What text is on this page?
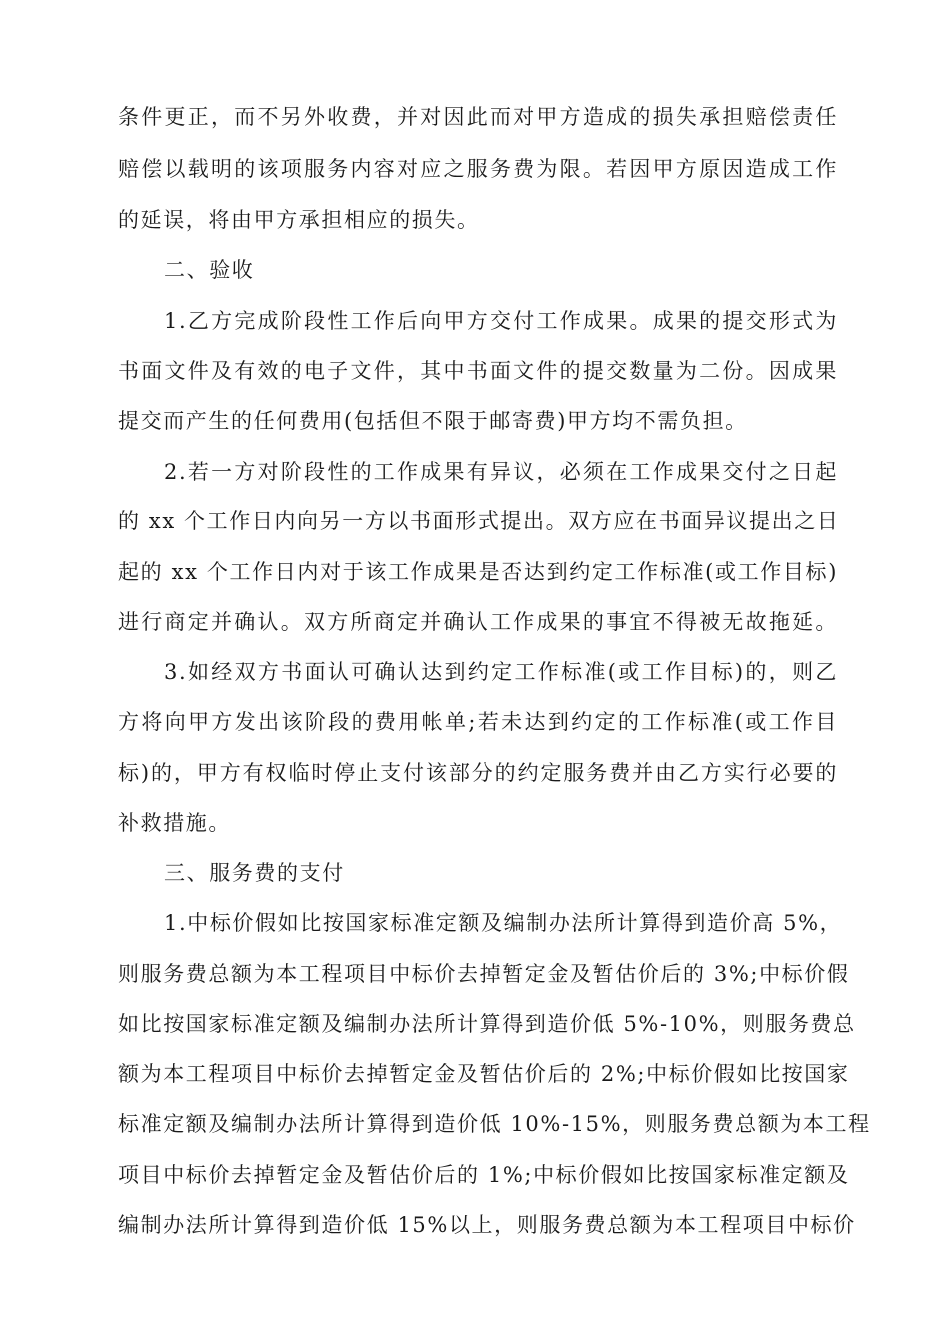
条件更正，而不另外收费，并对因此而对甲方造成的损失承担赔偿责任
赔偿以载明的该项服务内容对应之服务费为限。若因甲方原因造成工作
的延误，将由甲方承担相应的损失。
二、验收
1.乙方完成阶段性工作后向甲方交付工作成果。成果的提交形式为
书面文件及有效的电子文件，其中书面文件的提交数量为二份。因成果
提交而产生的任何费用(包括但不限于邮寄费)甲方均不需负担。
2.若一方对阶段性的工作成果有异议，必须在工作成果交付之日起
的 xx 个工作日内向另一方以书面形式提出。双方应在书面异议提出之日
起的 xx 个工作日内对于该工作成果是否达到约定工作标准(或工作目标)
进行商定并确认。双方所商定并确认工作成果的事宜不得被无故拖延。
3.如经双方书面认可确认达到约定工作标准(或工作目标)的，则乙
方将向甲方发出该阶段的费用帐单;若未达到约定的工作标准(或工作目
标)的，甲方有权临时停止支付该部分的约定服务费并由乙方实行必要的
补救措施。
三、服务费的支付
1.中标价假如比按国家标准定额及编制办法所计算得到造价高 5%，
则服务费总额为本工程项目中标价去掉暂定金及暂估价后的 3%;中标价假
如比按国家标准定额及编制办法所计算得到造价低 5%-10%，则服务费总
额为本工程项目中标价去掉暂定金及暂估价后的 2%;中标价假如比按国家
标准定额及编制办法所计算得到造价低 10%-15%，则服务费总额为本工程
项目中标价去掉暂定金及暂估价后的 1%;中标价假如比按国家标准定额及
编制办法所计算得到造价低 15%以上，则服务费总额为本工程项目中标价
